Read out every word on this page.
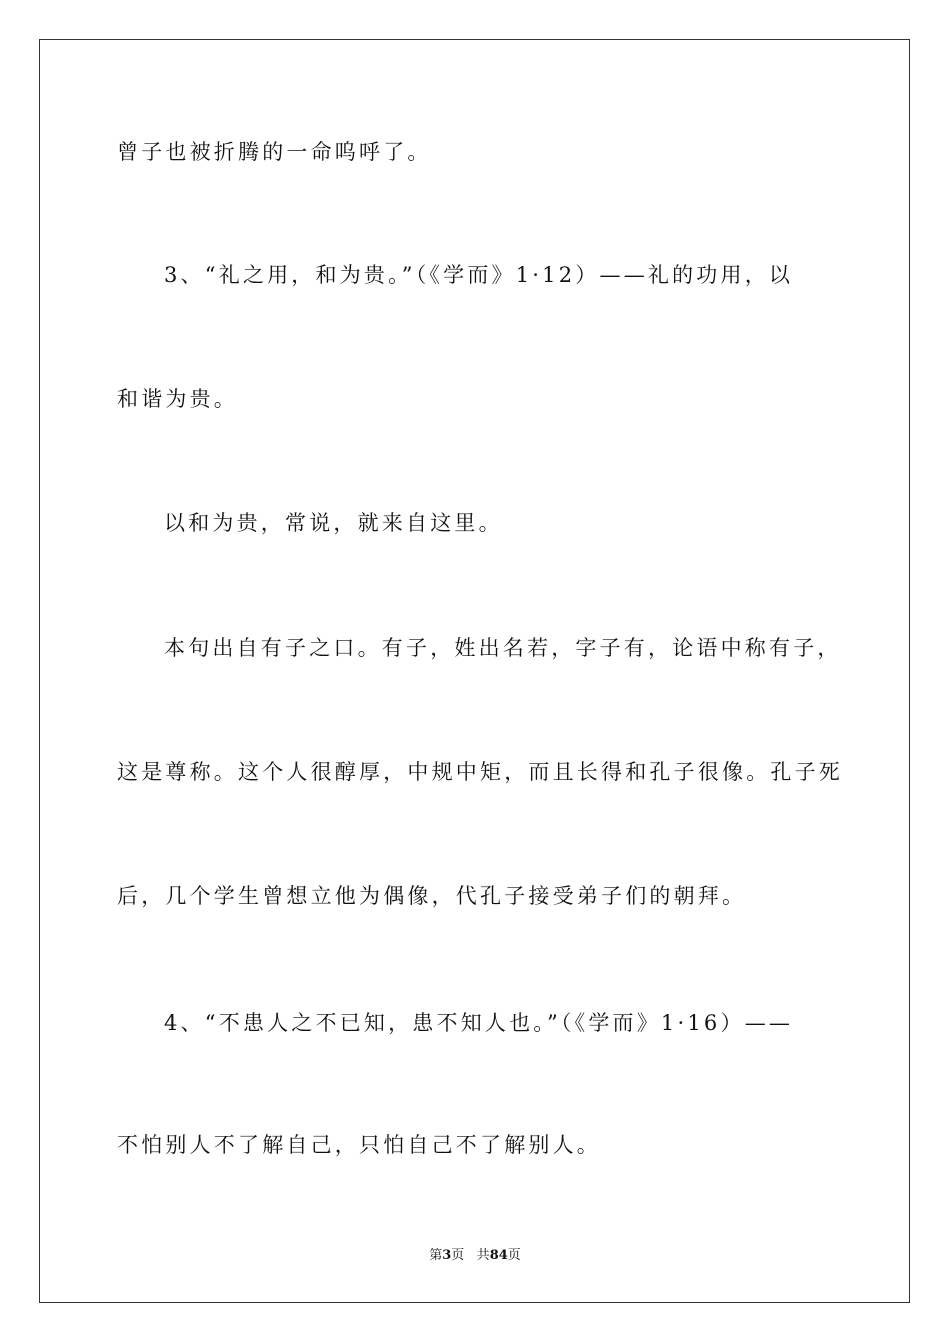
曾子也被折腾的一命呜呼了。
3、“礼之用，和为贵。”（《学而》1·12）——礼的功用，以
和谐为贵。
以和为贵，常说，就来自这里。
本句出自有子之口。有子，姓出名若，字子有，论语中称有子，
这是尊称。这个人很醇厚，中规中矩，而且长得和孔子很像。孔子死
后，几个学生曾想立他为偶像，代孔子接受弟子们的朝拜。
4、“不患人之不已知，患不知人也。”（《学而》1·16）——
不怕别人不了解自己，只怕自己不了解别人。
第3页 共84页
